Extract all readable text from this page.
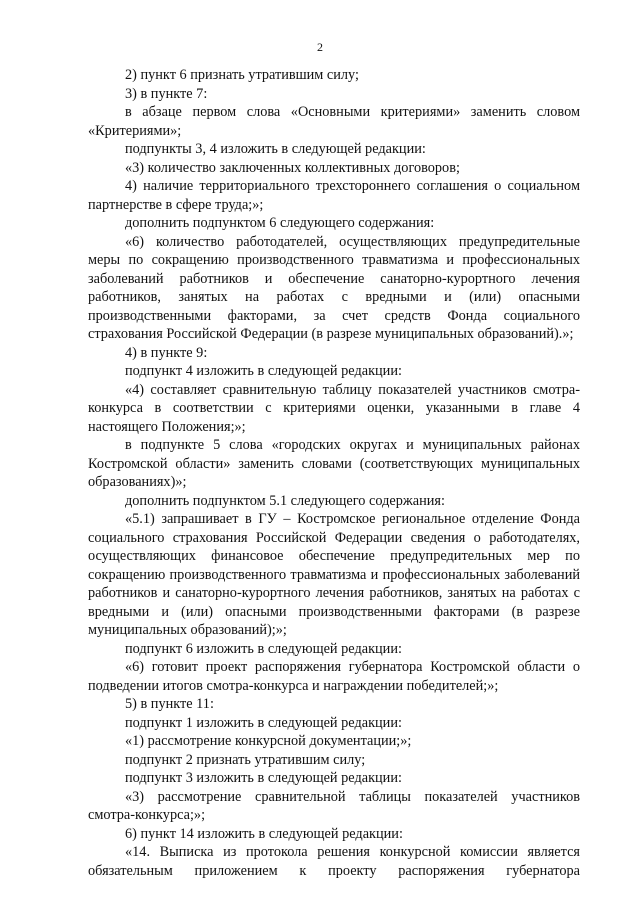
2

2) пункт 6 признать утратившим силу;

3) в пункте 7:

в абзаце первом слова «Основными критериями» заменить словом «Критериями»;

подпункты 3, 4 изложить в следующей редакции:

«3) количество заключенных коллективных договоров;

4) наличие территориального трехстороннего соглашения о социальном партнерстве в сфере труда;»;

дополнить подпунктом 6 следующего содержания:

«6) количество работодателей, осуществляющих предупредительные меры по сокращению производственного травматизма и профессиональных заболеваний работников и обеспечение санаторно-курортного лечения работников, занятых на работах с вредными и (или) опасными производственными факторами, за счет средств Фонда социального страхования Российской Федерации (в разрезе муниципальных образований).»;

4) в пункте 9:

подпункт 4 изложить в следующей редакции:

«4) составляет сравнительную таблицу показателей участников смотра-конкурса в соответствии с критериями оценки, указанными в главе 4 настоящего Положения;»;

в подпункте 5 слова «городских округах и муниципальных районах Костромской области» заменить словами (соответствующих муниципальных образованиях)»;

дополнить подпунктом 5.1 следующего содержания:

«5.1) запрашивает в ГУ – Костромское региональное отделение Фонда социального страхования Российской Федерации сведения о работодателях, осуществляющих финансовое обеспечение предупредительных мер по сокращению производственного травматизма и профессиональных заболеваний работников и санаторно-курортного лечения работников, занятых на работах с вредными и (или) опасными производственными факторами (в разрезе муниципальных образований);»;

подпункт 6 изложить в следующей редакции:

«6) готовит проект распоряжения губернатора Костромской области о подведении итогов смотра-конкурса и награждении победителей;»;

5) в пункте 11:

подпункт 1 изложить в следующей редакции:

«1) рассмотрение конкурсной документации;»;

подпункт 2 признать утратившим силу;

подпункт 3 изложить в следующей редакции:

«3) рассмотрение сравнительной таблицы показателей участников смотра-конкурса;»;

6) пункт 14 изложить в следующей редакции:

«14. Выписка из протокола решения конкурсной комиссии является обязательным приложением к проекту распоряжения губернатора
